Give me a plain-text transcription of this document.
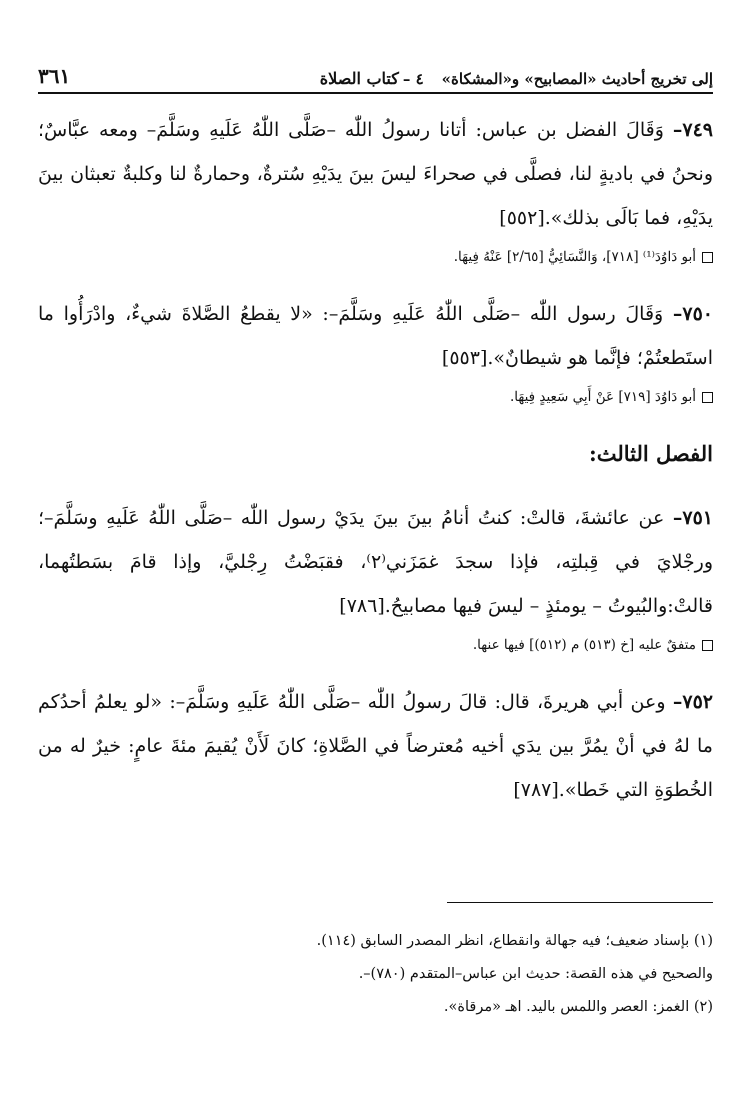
إلى تخريج أحاديث «المصابيح» و«المشكاة»
٤ –
كتاب الصلاة
٣٦١

٧٤٩– وَقَالَ الفضل بن عباس: أتانا رسولُ اللّٰه –صَلَّى اللّٰهُ عَلَيهِ وسَلَّمَ– ومعه عبَّاسٌ؛ ونحنُ في باديةٍ لنا، فصلَّى في صحراءَ ليسَ بينَ يدَيْهِ سُترةٌ، وحمارةٌ لنا وكلبةٌ تعبثان بينَ يدَيْهِ، فما بَالَى بذلك».[٥٥٢]

أبو دَاوُدَ⁽¹⁾ [٧١٨]، وَالنَّسَائِيُّ [٢/٦٥] عَنْهُ فِيهَا.

٧٥٠– وَقَالَ رسول اللّٰه –صَلَّى اللّٰهُ عَلَيهِ وسَلَّمَ–: «لا يقطعُ الصَّلاةَ شيءٌ، وادْرَأُوا ما استَطعتُمْ؛ فإنَّما هو شيطانٌ».[٥٥٣]

أبو دَاوُدَ [٧١٩] عَنْ أَبِي سَعِيدٍ فِيهَا.

الفصل الثالث:

٧٥١– عن عائشةَ، قالتْ: كنتُ أنامُ بينَ بينَ يدَيْ رسول اللّٰه –صَلَّى اللّٰهُ عَلَيهِ وسَلَّمَ–؛ ورجْلايَ في قِبلتِه، فإذا سجدَ غمَزَني⁽٢⁾، فقبَضْتُ رِجْليَّ، وإذا قامَ بسَطتُهما، قالتْ:والبُيوتُ – يومئذٍ – ليسَ فيها مصابيحُ.[٧٨٦]

متفقٌ عليه [خ (٥١٣) م (٥١٢)] فيها عنها.

٧٥٢– وعن أبي هريرةَ، قال: قالَ رسولُ اللّٰه –صَلَّى اللّٰهُ عَلَيهِ وسَلَّمَ–: «لو يعلمُ أحدُكم ما لهُ في أنْ يمُرَّ بين يدَي أخيه مُعترضاً في الصَّلاةِ؛ كانَ لَأَنْ يُقيمَ مئةَ عامٍ: خيرٌ له من الخُطوَةِ التي خَطا».[٧٨٧]

(١) بإسناد ضعيف؛ فيه جهالة وانقطاع، انظر المصدر السابق (١١٤).

والصحيح في هذه القصة: حديث ابن عباس–المتقدم (٧٨٠)–.

(٢) الغمز: العصر واللمس باليد. اهـ «مرقاة».
